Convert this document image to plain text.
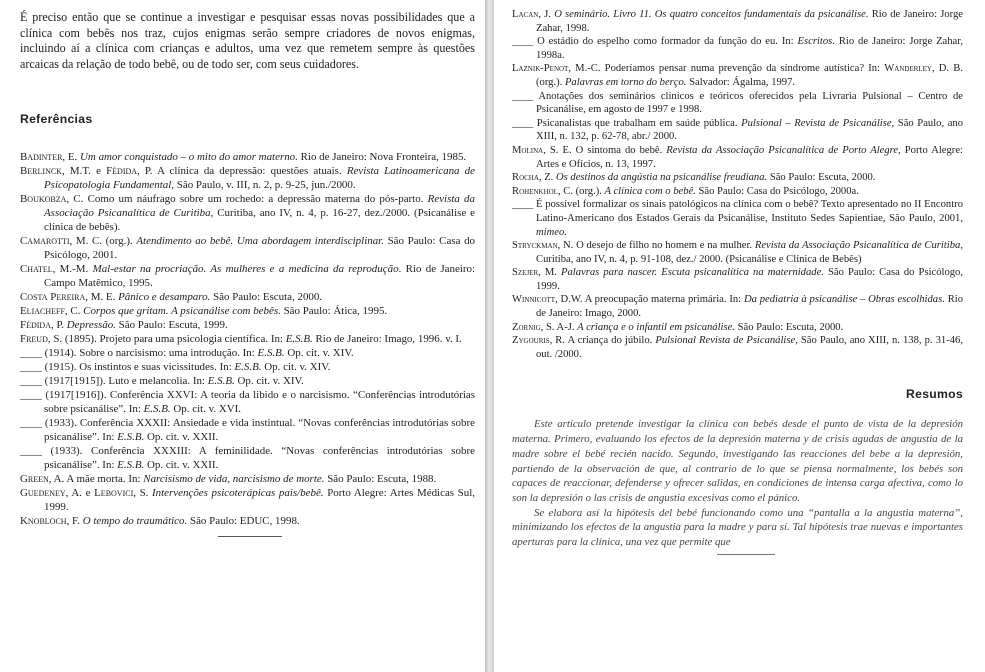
É preciso então que se continue a investigar e pesquisar essas novas possibilidades que a clínica com bebês nos traz, cujos enigmas serão sempre criadores de novos enigmas, incluindo aí a clínica com crianças e adultos, uma vez que remetem sempre às questões arcaicas da relação de todo bebê, ou de todo ser, com seus cuidadores.

Referências

Badinter, E. Um amor conquistado – o mito do amor materno. Rio de Janeiro: Nova Fronteira, 1985.

Berlinck, M.T. e Fédida, P. A clínica da depressão: questões atuais. Revista Latinoamericana de Psicopatologia Fundamental, São Paulo, v. III, n. 2, p. 9-25, jun./2000.

Boukobza, C. Como um náufrago sobre um rochedo: a depressão materna do pós-parto. Revista da Associação Psicanalítica de Curitiba, Curitiba, ano IV, n. 4, p. 16-27, dez./2000. (Psicanálise e clínica de bebês).

Camarotti, M. C. (org.). Atendimento ao bebê. Uma abordagem interdisciplinar. São Paulo: Casa do Psicólogo, 2001.

Chatel, M.-M. Mal-estar na procriação. As mulheres e a medicina da reprodução. Rio de Janeiro: Campo Matêmico, 1995.

Costa Pereira, M. E. Pânico e desamparo. São Paulo: Escuta, 2000.

Eliacheff, C. Corpos que gritam. A psicanálise com bebês. São Paulo: Ática, 1995.

Fédida, P. Depressão. São Paulo: Escuta, 1999.

Freud, S. (1895). Projeto para uma psicologia científica. In: E.S.B. Rio de Janeiro: Imago, 1996. v. I.

____ (1914). Sobre o narcisismo: uma introdução. In: E.S.B. Op. cit. v. XIV.

____ (1915). Os instintos e suas vicissitudes. In: E.S.B. Op. cit. v. XIV.

____ (1917[1915]). Luto e melancolia. In: E.S.B. Op. cit. v. XIV.

____ (1917[1916]). Conferência XXVI: A teoria da libido e o narcisismo. “Conferências introdutórias sobre psicanálise”. In: E.S.B. Op. cit. v. XVI.

____ (1933). Conferência XXXII: Ansiedade e vida instintual. “Novas conferências introdutórias sobre psicanálise”. In: E.S.B. Op. cit. v. XXII.

____ (1933). Conferência XXXIII: A feminilidade. “Novas conferências introdutórias sobre psicanálise”. In: E.S.B. Op. cit. v. XXII.

Green, A. A mãe morta. In: Narcisismo de vida, narcisismo de morte. São Paulo: Escuta, 1988.

Guedeney, A. e Lebovici, S. Intervenções psicoterápicas pais/bebê. Porto Alegre: Artes Médicas Sul, 1999.

Knobloch, F. O tempo do traumático. São Paulo: EDUC, 1998.

Lacan, J. O seminário. Livro 11. Os quatro conceitos fundamentais da psicanálise. Rio de Janeiro: Jorge Zahar, 1998.

____ O estádio do espelho como formador da função do eu. In: Escritos. Rio de Janeiro: Jorge Zahar, 1998a.

Laznik-Penot, M.-C. Poderíamos pensar numa prevenção da síndrome autística? In: Wanderley, D. B. (org.). Palavras em torno do berço. Salvador: Ágalma, 1997.

____ Anotações dos seminários clínicos e teóricos oferecidos pela Livraria Pulsional – Centro de Psicanálise, em agosto de 1997 e 1998.

____ Psicanalistas que trabalham em saúde pública. Pulsional – Revista de Psicanálise, São Paulo, ano XIII, n. 132, p. 62-78, abr./ 2000.

Molina, S. E. O sintoma do bebê. Revista da Associação Psicanalítica de Porto Alegre, Porto Alegre: Artes e Ofícios, n. 13, 1997.

Rocha, Z. Os destinos da angústia na psicanálise freudiana. São Paulo: Escuta, 2000.

Rohenkhol, C. (org.). A clínica com o bebê. São Paulo: Casa do Psicólogo, 2000a.

____ É possível formalizar os sinais patológicos na clínica com o bebê? Texto apresentado no II Encontro Latino-Americano dos Estados Gerais da Psicanálise, Instituto Sedes Sapientiae, São Paulo, 2001, mimeo.

Stryckman, N. O desejo de filho no homem e na mulher. Revista da Associação Psicanalítica de Curitiba, Curitiba, ano IV, n. 4, p. 91-108, dez./ 2000. (Psicanálise e Clínica de Bebês)

Szejer, M. Palavras para nascer. Escuta psicanalítica na maternidade. São Paulo: Casa do Psicólogo, 1999.

Winnicott, D.W. A preocupação materna primária. In: Da pediatria à psicanálise – Obras escolhidas. Rio de Janeiro: Imago, 2000.

Zornig, S. A-J. A criança e o infantil em psicanálise. São Paulo: Escuta, 2000.

Zygouris, R. A criança do júbilo. Pulsional Revista de Psicanálise, São Paulo, ano XIII, n. 138, p. 31-46, out. /2000.

Resumos

Este artículo pretende investigar la clínica con bebés desde el punto de vista de la depresión materna. Primero, evaluando los efectos de la depresión materna y de crisis agudas de angustia de la madre sobre el bebé recién nacido. Segundo, investigando las reacciones del bebe a la depresión, partiendo de la observación de que, al contrario de lo que se piensa normalmente, los bebés son capaces de reaccionar, defenderse y ofrecer salidas, en condiciones de intensa carga afectiva, como lo son la depresión o las crisis de angustia excesivas como el pánico.

Se elabora así la hipótesis del bebé funcionando como una “pantalla a la angustia materna”, minimizando los efectos de la angustia para la madre y para sí. Tal hipótesis trae nuevas e importantes aperturas para la clínica, una vez que permite que
